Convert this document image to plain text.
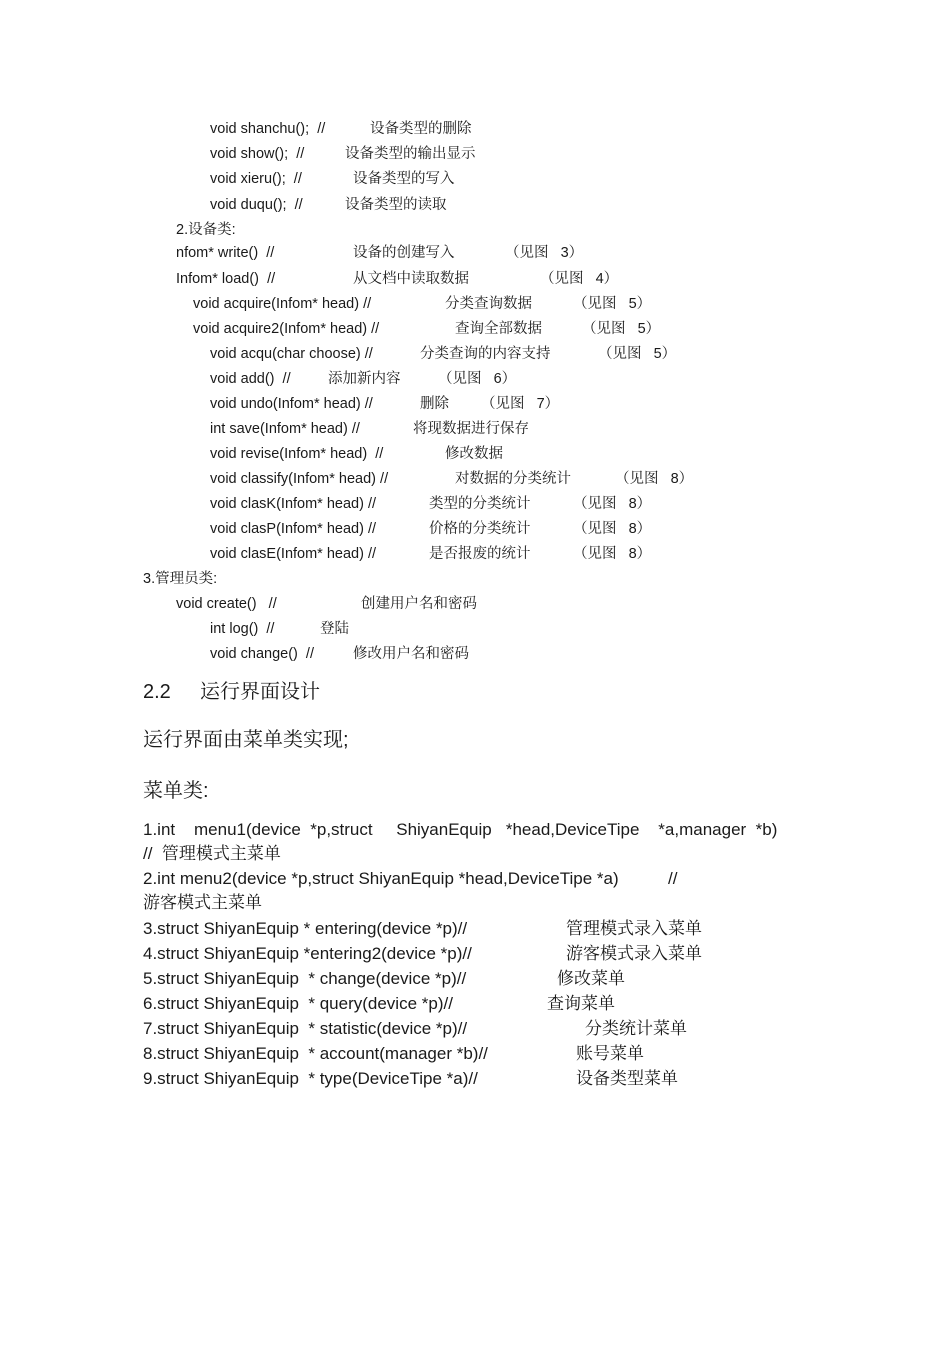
void shanchu();  //	设备类型的删除
void show();  //	设备类型的输出显示
void xieru();  //	设备类型的写入
void duqu();  //	设备类型的读取
2.设备类:
nfom* write()  //	设备的创建写入	（见图   3）
Infom* load()  //	从文档中读取数据	（见图   4）
void acquire(Infom* head) //	分类查询数据	（见图   5）
void acquire2(Infom* head) //	查询全部数据	（见图   5）
void acqu(char choose) //	分类查询的内容支持	（见图   5）
void add()  //	添加新内容	（见图   6）
void undo(Infom* head) //	删除 （见图   7）
int save(Infom* head) //	将现数据进行保存
void revise(Infom* head)  //	修改数据
void classify(Infom* head) //	对数据的分类统计	（见图   8）
void clasK(Infom* head) //	类型的分类统计	（见图   8）
void clasP(Infom* head) //	价格的分类统计	（见图   8）
void clasE(Infom* head) //	是否报废的统计	（见图   8）
3.管理员类:
void create()   //	创建用户名和密码
int log()  //	登陆
void change()  //	修改用户名和密码
2.2 运行界面设计
运行界面由菜单类实现;
菜单类:
1.int    menu1(device  *p,struct     ShiyanEquip   *head,DeviceTipe    *a,manager  *b)
//  管理模式主菜单
2.int menu2(device *p,struct ShiyanEquip *head,DeviceTipe *a)	//
游客模式主菜单
3.struct ShiyanEquip * entering(device *p)//	管理模式录入菜单
4.struct ShiyanEquip *entering2(device *p)//	游客模式录入菜单
5.struct ShiyanEquip  * change(device *p)//	修改菜单
6.struct ShiyanEquip  * query(device *p)//	查询菜单
7.struct ShiyanEquip  * statistic(device *p)//	分类统计菜单
8.struct ShiyanEquip  * account(manager *b)//	账号菜单
9.struct ShiyanEquip  * type(DeviceTipe *a)//	设备类型菜单
